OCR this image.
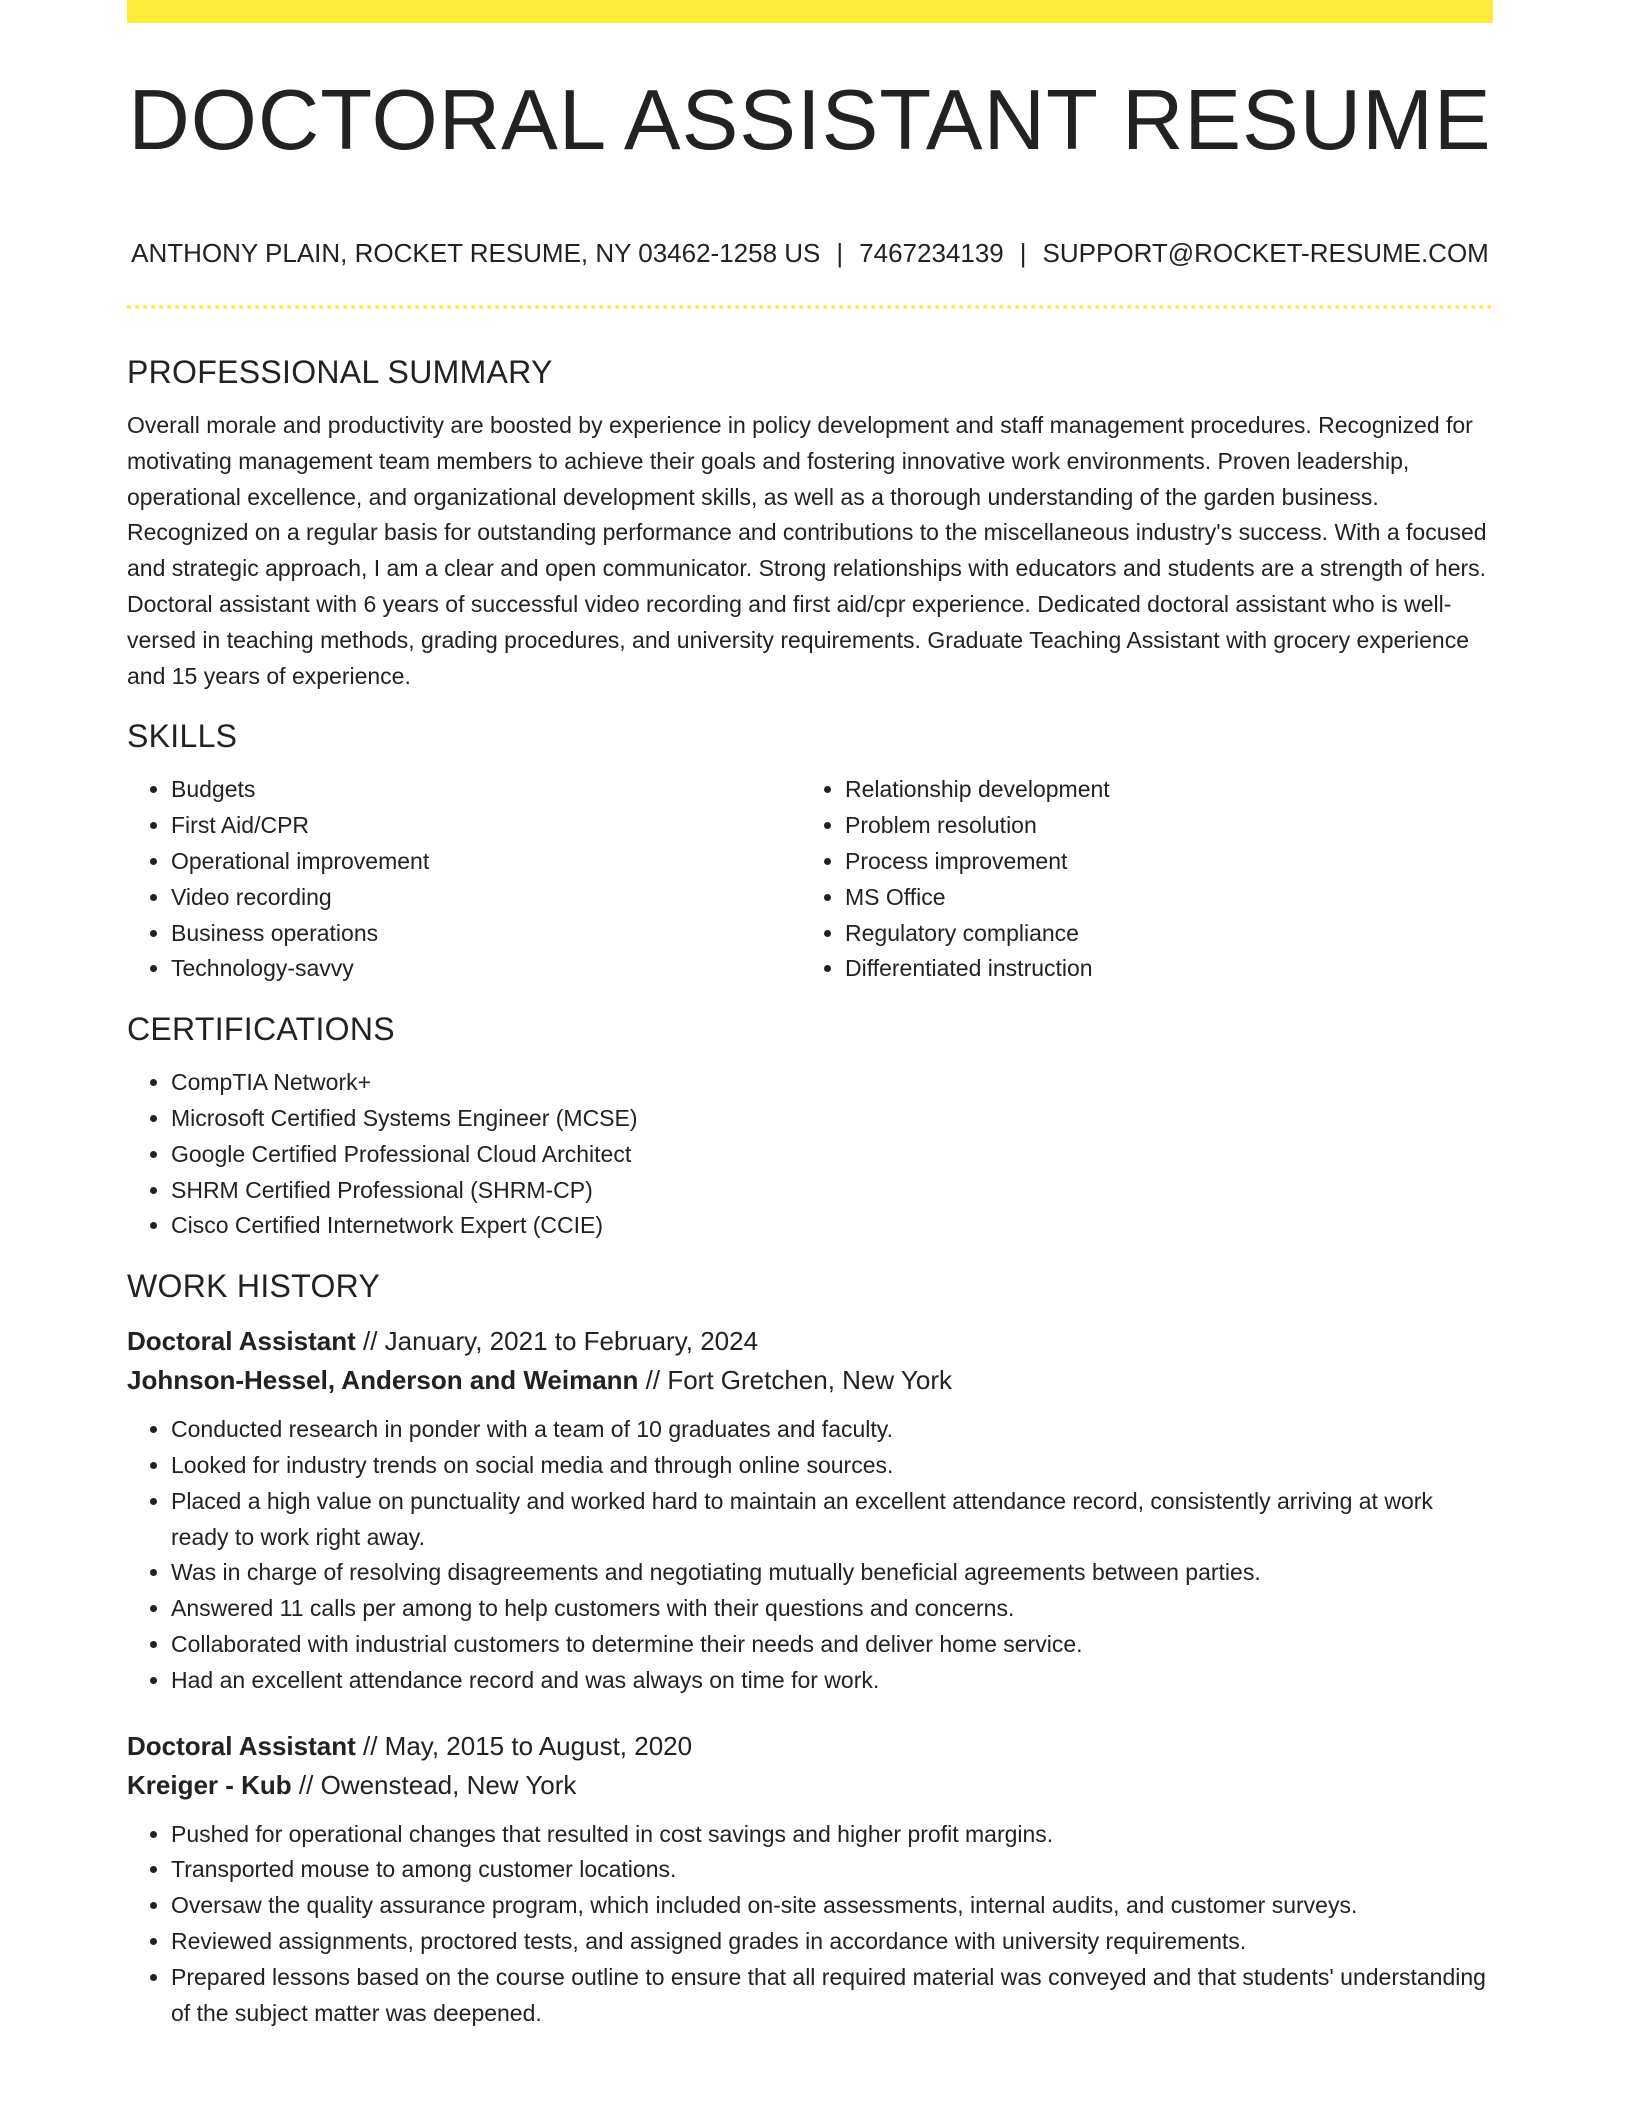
DOCTORAL ASSISTANT RESUME
ANTHONY PLAIN, ROCKET RESUME, NY 03462-1258 US | 7467234139 | SUPPORT@ROCKET-RESUME.COM
PROFESSIONAL SUMMARY

Overall morale and productivity are boosted by experience in policy development and staff management procedures. Recognized for motivating management team members to achieve their goals and fostering innovative work environments. Proven leadership, operational excellence, and organizational development skills, as well as a thorough understanding of the garden business. Recognized on a regular basis for outstanding performance and contributions to the miscellaneous industry's success. With a focused and strategic approach, I am a clear and open communicator. Strong relationships with educators and students are a strength of hers. Doctoral assistant with 6 years of successful video recording and first aid/cpr experience. Dedicated doctoral assistant who is well-versed in teaching methods, grading procedures, and university requirements. Graduate Teaching Assistant with grocery experience and 15 years of experience.

SKILLS
• Budgets
• First Aid/CPR
• Operational improvement
• Video recording
• Business operations
• Technology-savvy
• Relationship development
• Problem resolution
• Process improvement
• MS Office
• Regulatory compliance
• Differentiated instruction
CERTIFICATIONS
• CompTIA Network+
• Microsoft Certified Systems Engineer (MCSE)
• Google Certified Professional Cloud Architect
• SHRM Certified Professional (SHRM-CP)
• Cisco Certified Internetwork Expert (CCIE)
WORK HISTORY
Doctoral Assistant // January, 2021 to February, 2024
Johnson-Hessel, Anderson and Weimann // Fort Gretchen, New York
• Conducted research in ponder with a team of 10 graduates and faculty.
• Looked for industry trends on social media and through online sources.
• Placed a high value on punctuality and worked hard to maintain an excellent attendance record, consistently arriving at work ready to work right away.
• Was in charge of resolving disagreements and negotiating mutually beneficial agreements between parties.
• Answered 11 calls per among to help customers with their questions and concerns.
• Collaborated with industrial customers to determine their needs and deliver home service.
• Had an excellent attendance record and was always on time for work.
Doctoral Assistant // May, 2015 to August, 2020
Kreiger - Kub // Owenstead, New York
• Pushed for operational changes that resulted in cost savings and higher profit margins.
• Transported mouse to among customer locations.
• Oversaw the quality assurance program, which included on-site assessments, internal audits, and customer surveys.
• Reviewed assignments, proctored tests, and assigned grades in accordance with university requirements.
• Prepared lessons based on the course outline to ensure that all required material was conveyed and that students' understanding of the subject matter was deepened.
